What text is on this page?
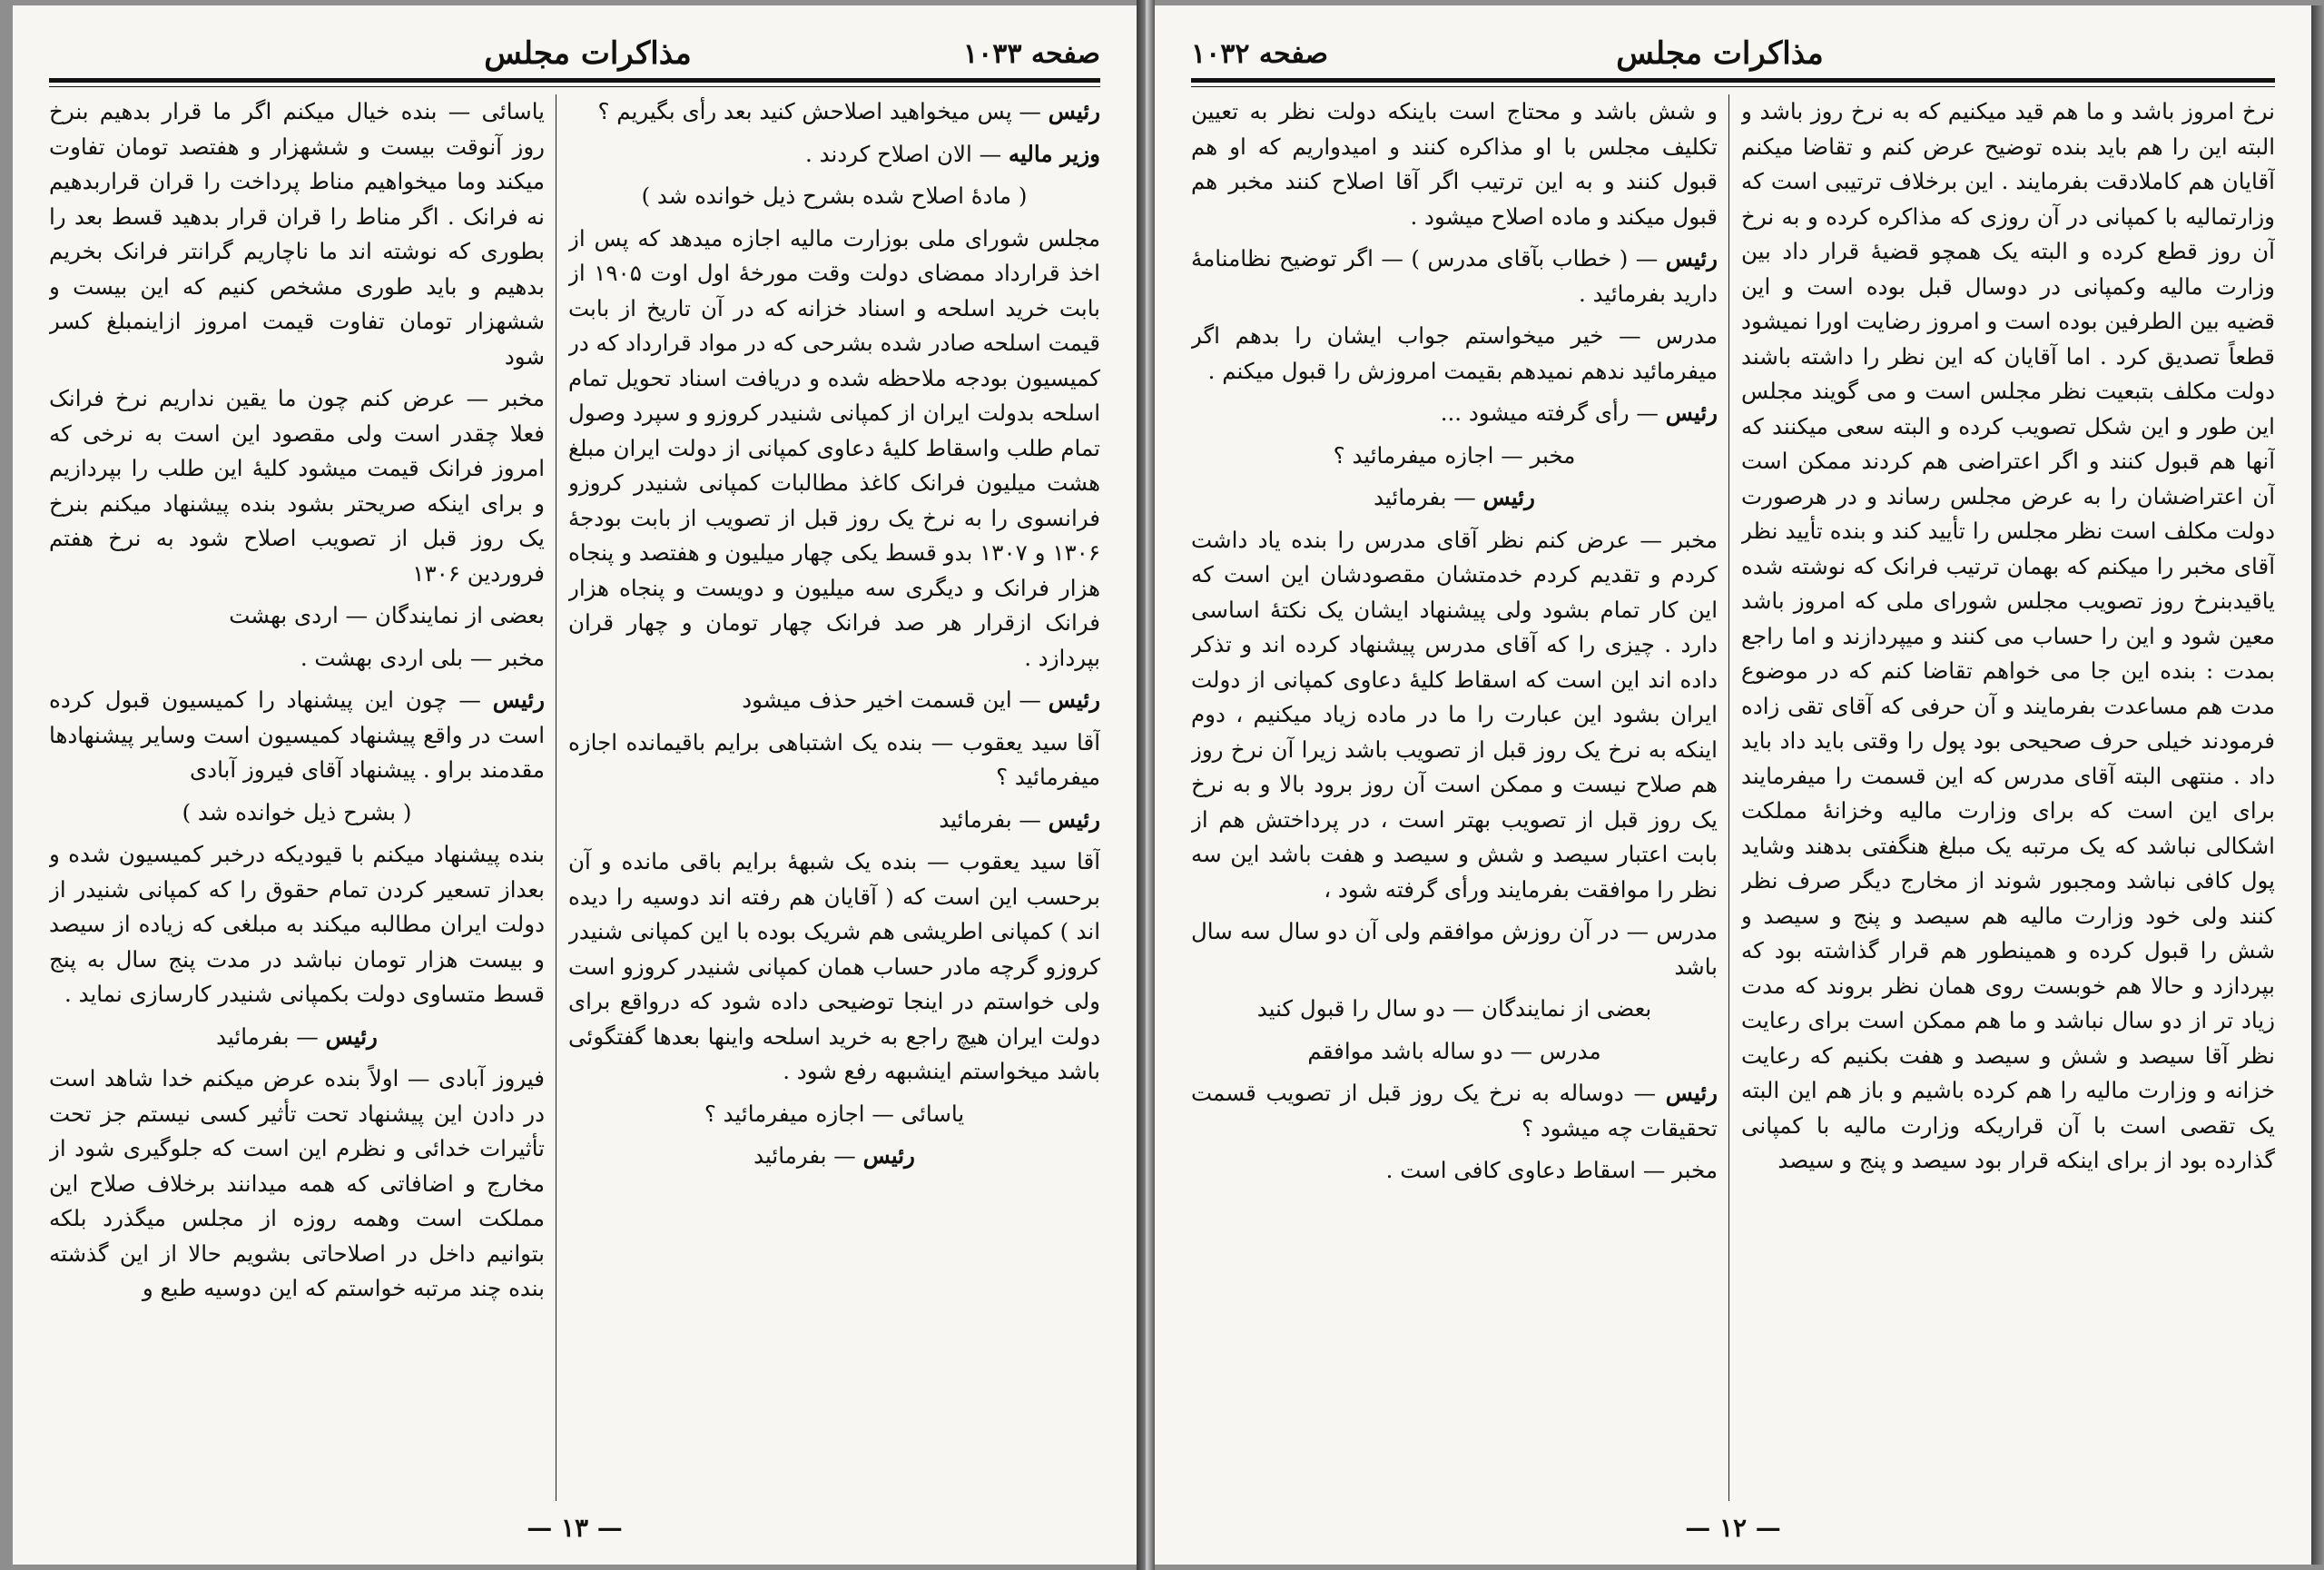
صفحه ۱۰۳۳
مذاکرات مجلس
رئیس — پس میخواهید اصلاحش کنید بعد رأی بگیریم ؟
وزیر مالیه — الان اصلاح کردند .
( مادهٔ اصلاح شده بشرح ذیل خوانده شد )
مجلس شورای ملی بوزارت مالیه اجازه میدهد که پس از اخذ قرارداد ممضای دولت وقت مورخهٔ اول اوت ۱۹۰۵ از بابت خرید اسلحه و اسناد خزانه که در آن تاریخ از بابت قیمت اسلحه صادر شده بشرحی که در مواد قرارداد که در کمیسیون بودجه ملاحظه شده و دریافت اسناد تحویل تمام اسلحه بدولت ایران از کمپانی شنیدر کروزو و سپرد وصول تمام طلب واسقاط کلیهٔ دعاوی کمپانی از دولت ایران مبلغ هشت میلیون فرانک کاغذ مطالبات کمپانی شنیدر کروزو فرانسوی را به نرخ یک روز قبل از تصویب از بابت بودجهٔ ۱۳۰۶ و ۱۳۰۷ بدو قسط یکی چهار میلیون و هفتصد و پنجاه هزار فرانک و دیگری سه میلیون و دویست و پنجاه هزار فرانک ازقرار هر صد فرانک چهار تومان و چهار قران بپردازد .
رئیس — این قسمت اخیر حذف میشود
آقا سید یعقوب — بنده یک اشتباهی برایم باقیمانده اجازه میفرمائید ؟
رئیس — بفرمائید
آقا سید یعقوب — بنده یک شبههٔ برایم باقی مانده و آن برحسب این است که ( آقایان هم رفته اند دوسیه را دیده اند ) کمپانی اطریشی هم شریک بوده با این کمپانی شنیدر کروزو گرچه مادر حساب همان کمپانی شنیدر کروزو است ولی خواستم در اینجا توضیحی داده شود که درواقع برای دولت ایران هیچ راجع به خرید اسلحه واینها بعدها گفتگوئی باشد میخواستم اینشبهه رفع شود .
یاسائی — اجازه میفرمائید ؟
رئیس — بفرمائید
یاسائی — بنده خیال میکنم اگر ما قرار بدهیم بنرخ روز آنوقت بیست و ششهزار و هفتصد تومان تفاوت میکند وما میخواهیم مناط پرداخت را قران قراربدهیم نه فرانک . اگر مناط را قران قرار بدهید قسط بعد را بطوری که نوشته اند ما ناچاریم گرانتر فرانک بخریم بدهیم و باید طوری مشخص کنیم که این بیست و ششهزار تومان تفاوت قیمت امروز ازاینمبلغ کسر شود
مخبر — عرض کنم چون ما یقین نداریم نرخ فرانک فعلا چقدر است ولی مقصود این است به نرخی که امروز فرانک قیمت میشود کلیهٔ این طلب را بپردازیم و برای اینکه صریحتر بشود بنده پیشنهاد میکنم بنرخ یک روز قبل از تصویب اصلاح شود به نرخ هفتم فروردین ۱۳۰۶
بعضی از نمایندگان — اردی بهشت
مخبر — بلی اردی بهشت .
رئیس — چون این پیشنهاد را کمیسیون قبول کرده است در واقع پیشنهاد کمیسیون است وسایر پیشنهادها مقدمند براو . پیشنهاد آقای فیروز آبادی
( بشرح ذیل خوانده شد )
بنده پیشنهاد میکنم با قیودیکه درخبر کمیسیون شده و بعداز تسعیر کردن تمام حقوق را که کمپانی شنیدر از دولت ایران مطالبه میکند به مبلغی که زیاده از سیصد و بیست هزار تومان نباشد در مدت پنج سال به پنج قسط متساوی دولت بکمپانی شنیدر کارسازی نماید .
رئیس — بفرمائید
فیروز آبادی — اولاً بنده عرض میکنم خدا شاهد است در دادن این پیشنهاد تحت تأثیر کسی نیستم جز تحت تأثیرات خدائی و نظرم این است که جلوگیری شود از مخارج و اضافاتی که همه میدانند برخلاف صلاح این مملکت است وهمه روزه از مجلس میگذرد بلکه بتوانیم داخل در اصلاحاتی بشویم حالا از این گذشته بنده چند مرتبه خواستم که این دوسیه طبع و
— ۱۳ —
مذاکرات مجلس
صفحه ۱۰۳۲
نرخ امروز باشد و ما هم قید میکنیم که به نرخ روز باشد و البته این را هم باید بنده توضیح عرض کنم و تقاضا میکنم آقایان هم کاملادقت بفرمایند . این برخلاف ترتیبی است که وزارتمالیه با کمپانی در آن روزی که مذاکره کرده و به نرخ آن روز قطع کرده و البته یک همچو قضیهٔ قرار داد بین وزارت مالیه وکمپانی در دوسال قبل بوده است و این قضیه بین الطرفین بوده است و امروز رضایت اورا نمیشود قطعاً تصدیق کرد . اما آقایان که این نظر را داشته باشند دولت مکلف بتبعیت نظر مجلس است و می گویند مجلس این طور و این شکل تصویب کرده و البته سعی میکنند که آنها هم قبول کنند و اگر اعتراضی هم کردند ممکن است آن اعتراضشان را به عرض مجلس رساند و در هرصورت دولت مکلف است نظر مجلس را تأیید کند و بنده تأیید نظر آقای مخبر را میکنم که بهمان ترتیب فرانک که نوشته شده یاقیدبنرخ روز تصویب مجلس شورای ملی که امروز باشد معین شود و این را حساب می کنند و میپردازند و اما راجع بمدت : بنده این جا می خواهم تقاضا کنم که در موضوع مدت هم مساعدت بفرمایند و آن حرفی که آقای تقی زاده فرمودند خیلی حرف صحیحی بود پول را وقتی باید داد باید داد . منتهی البته آقای مدرس که این قسمت را میفرمایند برای این است که برای وزارت مالیه وخزانهٔ مملکت اشکالی نباشد که یک مرتبه یک مبلغ هنگفتی بدهند وشاید پول کافی نباشد ومجبور شوند از مخارج دیگر صرف نظر کنند ولی خود وزارت مالیه هم سیصد و پنج و سیصد و شش را قبول کرده و همینطور هم قرار گذاشته بود که بپردازد و حالا هم خوبست روی همان نظر بروند که مدت زیاد تر از دو سال نباشد و ما هم ممکن است برای رعایت نظر آقا سیصد و شش و سیصد و هفت بکنیم که رعایت خزانه و وزارت مالیه را هم کرده باشیم و باز هم این البته یک تقصی است با آن قراریکه وزارت مالیه با کمپانی گذارده بود از برای اینکه قرار بود سیصد و پنج و سیصد
و شش باشد و محتاج است باینکه دولت نظر به تعیین تکلیف مجلس با او مذاکره کنند و امیدواریم که او هم قبول کنند و به این ترتیب اگر آقا اصلاح کنند مخبر هم قبول میکند و ماده اصلاح میشود .
رئیس — ( خطاب بآقای مدرس ) — اگر توضیح نظامنامهٔ دارید بفرمائید .
مدرس — خیر میخواستم جواب ایشان را بدهم اگر میفرمائید ندهم نمیدهم بقیمت امروزش را قبول میکنم .
رئیس — رأی گرفته میشود ...
مخبر — اجازه میفرمائید ؟
رئیس — بفرمائید
مخبر — عرض کنم نظر آقای مدرس را بنده یاد داشت کردم و تقدیم کردم خدمتشان مقصودشان این است که این کار تمام بشود ولی پیشنهاد ایشان یک نکتهٔ اساسی دارد . چیزی را که آقای مدرس پیشنهاد کرده اند و تذکر داده اند این است که اسقاط کلیهٔ دعاوی کمپانی از دولت ایران بشود این عبارت را ما در ماده زیاد میکنیم ، دوم اینکه به نرخ یک روز قبل از تصویب باشد زیرا آن نرخ روز هم صلاح نیست و ممکن است آن روز برود بالا و به نرخ یک روز قبل از تصویب بهتر است ، در پرداختش هم از بابت اعتبار سیصد و شش و سیصد و هفت باشد این سه نظر را موافقت بفرمایند ورأی گرفته شود ،
مدرس — در آن روزش موافقم ولی آن دو سال سه سال باشد
بعضی از نمایندگان — دو سال را قبول کنید
مدرس — دو ساله باشد موافقم
رئیس — دوساله به نرخ یک روز قبل از تصویب قسمت تحقیقات چه میشود ؟
مخبر — اسقاط دعاوی کافی است .
— ۱۲ —
